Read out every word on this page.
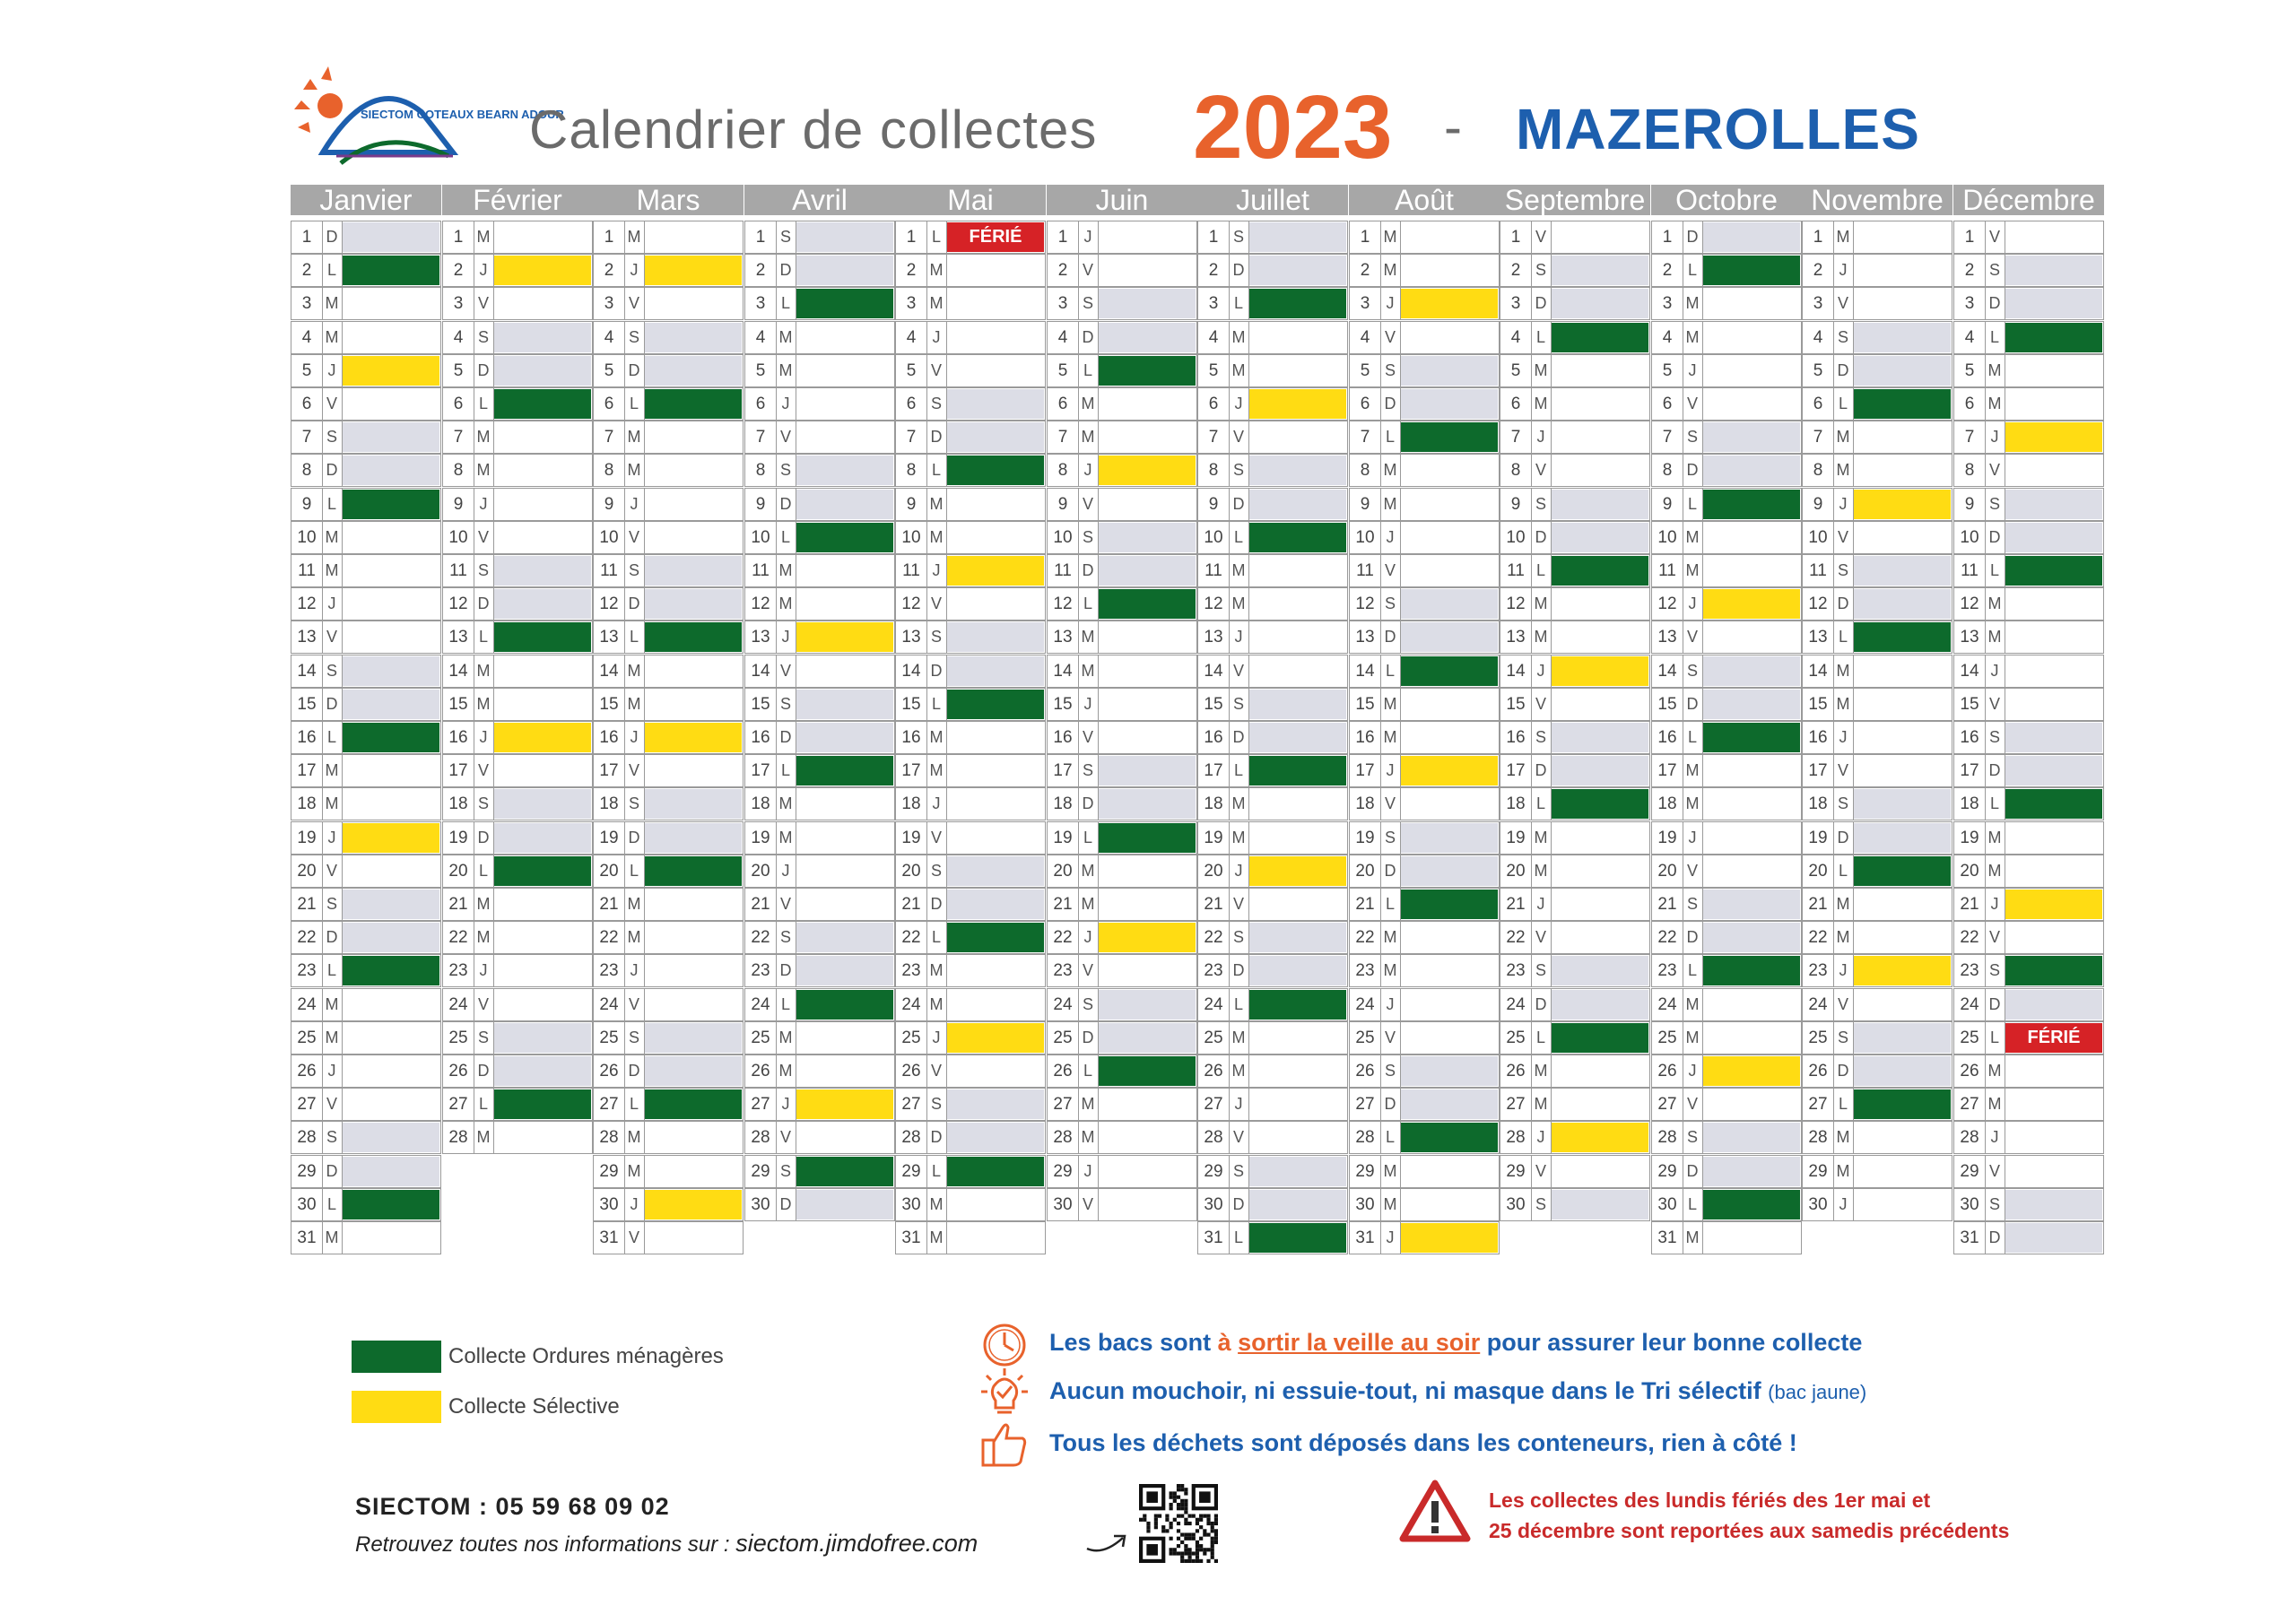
SIECTOM COTEAUX BEARN ADOUR
Calendrier de collectes 2023 - MAZEROLLES
Janvier
1 D
2 L
3 M
4 M
5	J
6 V
7 S
8 D
9 L
10 M
11 M
12 J
13 V
14 S
15 D
16 L
17 M
18 M
19 J
20 V
21 S
22 D
23 L
24 M
25 M
26 J
27 V
28 S
29 D
30 L
31 M
Février
1 M
2	J
3 V
4 S
5 D
6 L
7 M
8 M
9	J
10 V
11 S
12 D
13 L
14 M
15 M
16 J
17 V
18 S
19 D
20 L
21 M
22 M
23 J
24 V
25 S
26 D
27 L
28 M
Mars
1 M
2	J
3 V
4 S
5 D
6 L
7 M
8 M
9	J
10 V
11 S
12 D
13 L
14 M
15 M
16 J
17 V
18 S
19 D
20 L
21 M
22 M
23 J
24 V
25 S
26 D
27 L
28 M
29 M
30 J
31 V
Avril
1 S
2 D
3 L
4 M
5 M
6	J
7 V
8 S
9 D
10 L
11 M
12 M
13 J
14 V
15 S
16 D
17 L
18 M
19 M
20 J
21 V
22 S
23 D
24 L
25 M
26 M
27 J
28 V
29 S
30 D
Mai
1 L	FÉRIÉ
2 M
3 M
4	J
5 V
6 S
7 D
8 L
9 M
10 M
11 J
12 V
13 S
14 D
15 L
16 M
17 M
18 J
19 V
20 S
21 D
22 L
23 M
24 M
25 J
26 V
27 S
28 D
29 L
30 M
31 M
Juin
1	J
2 V
3 S
4 D
5 L
6 M
7 M
8	J
9 V
10 S
11 D
12 L
13 M
14 M
15 J
16 V
17 S
18 D
19 L
20 M
21 M
22 J
23 V
24 S
25 D
26 L
27 M
28 M
29 J
30 V
Juillet
1 S
2 D
3 L
4 M
5 M
6	J
7 V
8 S
9 D
10 L
11 M
12 M
13 J
14 V
15 S
16 D
17 L
18 M
19 M
20 J
21 V
22 S
23 D
24 L
25 M
26 M
27 J
28 V
29 S
30 D
31 L
Août
1 M
2 M
3	J
4 V
5 S
6 D
7 L
8 M
9 M
10 J
11 V
12 S
13 D
14 L
15 M
16 M
17 J
18 V
19 S
20 D
21 L
22 M
23 M
24 J
25 V
26 S
27 D
28 L
29 M
30 M
31 J
Septembre
1 V
2 S
3 D
4 L
5 M
6 M
7	J
8 V
9 S
10 D
11 L
12 M
13 M
14 J
15 V
16 S
17 D
18 L
19 M
20 M
21 J
22 V
23 S
24 D
25 L
26 M
27 M
28 J
29 V
30 S
Octobre
1 D
2 L
3 M
4 M
5	J
6 V
7 S
8 D
9 L
10 M
11 M
12 J
13 V
14 S
15 D
16 L
17 M
18 M
19 J
20 V
21 S
22 D
23 L
24 M
25 M
26 J
27 V
28 S
29 D
30 L
31 M
Novembre
1 M
2	J
3 V
4 S
5 D
6 L
7 M
8 M
9	J
10 V
11 S
12 D
13 L
14 M
15 M
16 J
17 V
18 S
19 D
20 L
21 M
22 M
23 J
24 V
25 S
26 D
27 L
28 M
29 M
30 J
Décembre
1 V
2 S
3 D
4 L
5 M
6 M
7	J
8 V
9 S
10 D
11 L
12 M
13 M
14 J
15 V
16 S
17 D
18 L
19 M
20 M
21 J
22 V
23 S
24 D
25 L	FÉRIÉ
26 M
27 M
28 J
29 V
30 S
31 D
Collecte Ordures ménagères
Collecte Sélective
Les bacs sont à sortir la veille au soir pour assurer leur bonne collecte
Aucun mouchoir, ni essuie-tout, ni masque dans le Tri sélectif (bac jaune)
Tous les déchets sont déposés dans les conteneurs, rien à côté !
SIECTOM : 05 59 68 09 02
Retrouvez toutes nos informations sur : siectom.jimdofree.com
Les collectes des lundis fériés des 1er mai et
25 décembre sont reportées aux samedis précédents
